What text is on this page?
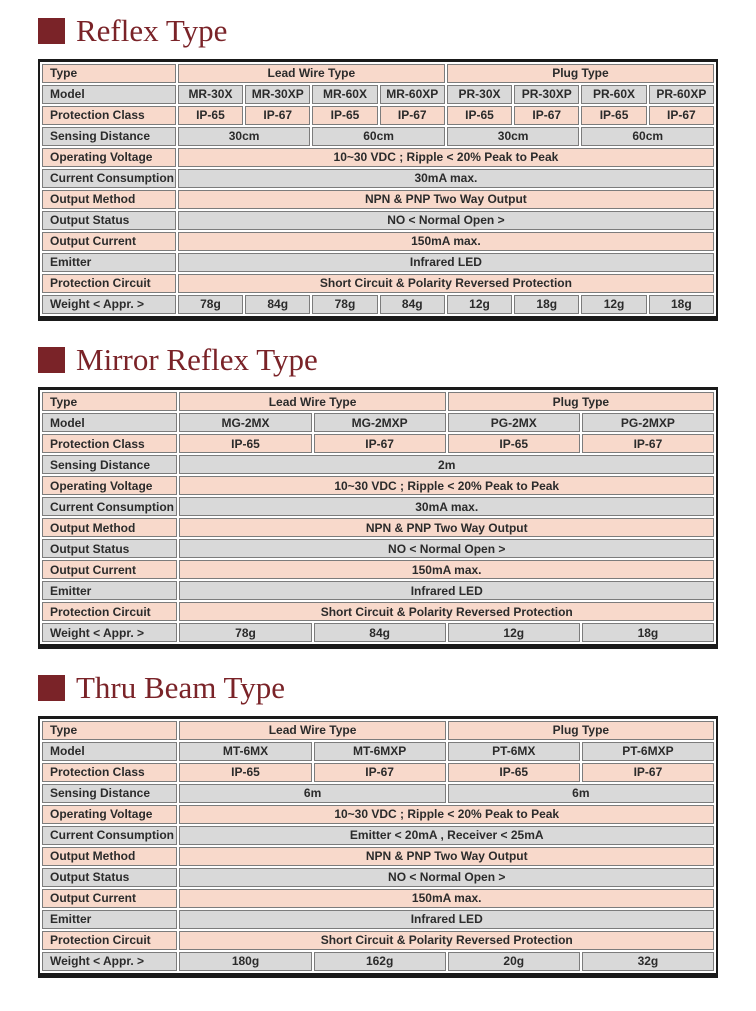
Reflex Type
Type	Lead Wire Type				Plug Type			
Model	MR-30X	MR-30XP	MR-60X	MR-60XP	PR-30X	PR-30XP	PR-60X	PR-60XP
Protection Class	IP-65	IP-67	IP-65	IP-67	IP-65	IP-67	IP-65	IP-67
Sensing Distance	30cm		60cm		30cm		60cm	
Operating Voltage	10~30 VDC ; Ripple < 20% Peak to Peak							
Current Consumption	30mA max.							
Output Method	NPN & PNP Two Way Output							
Output Status	NO < Normal Open >							
Output Current	150mA max.							
Emitter	Infrared LED							
Protection Circuit	Short Circuit & Polarity Reversed Protection							
Weight < Appr. >	78g	84g	78g	84g	12g	18g	12g	18g
Mirror Reflex Type
Type	Lead Wire Type		Plug Type	
Model	MG-2MX	MG-2MXP	PG-2MX	PG-2MXP
Protection Class	IP-65	IP-67	IP-65	IP-67
Sensing Distance	2m			
Operating Voltage	10~30 VDC ; Ripple < 20% Peak to Peak			
Current Consumption	30mA max.			
Output Method	NPN & PNP Two Way Output			
Output Status	NO < Normal Open >			
Output Current	150mA max.			
Emitter	Infrared LED			
Protection Circuit	Short Circuit & Polarity Reversed Protection			
Weight < Appr. >	78g	84g	12g	18g
Thru Beam Type
Type	Lead Wire Type		Plug Type	
Model	MT-6MX	MT-6MXP	PT-6MX	PT-6MXP
Protection Class	IP-65	IP-67	IP-65	IP-67
Sensing Distance	6m		6m	
Operating Voltage	10~30 VDC ; Ripple < 20% Peak to Peak			
Current Consumption	Emitter < 20mA , Receiver < 25mA			
Output Method	NPN & PNP Two Way Output			
Output Status	NO < Normal Open >			
Output Current	150mA max.			
Emitter	Infrared LED			
Protection Circuit	Short Circuit & Polarity Reversed Protection			
Weight < Appr. >	180g	162g	20g	32g
